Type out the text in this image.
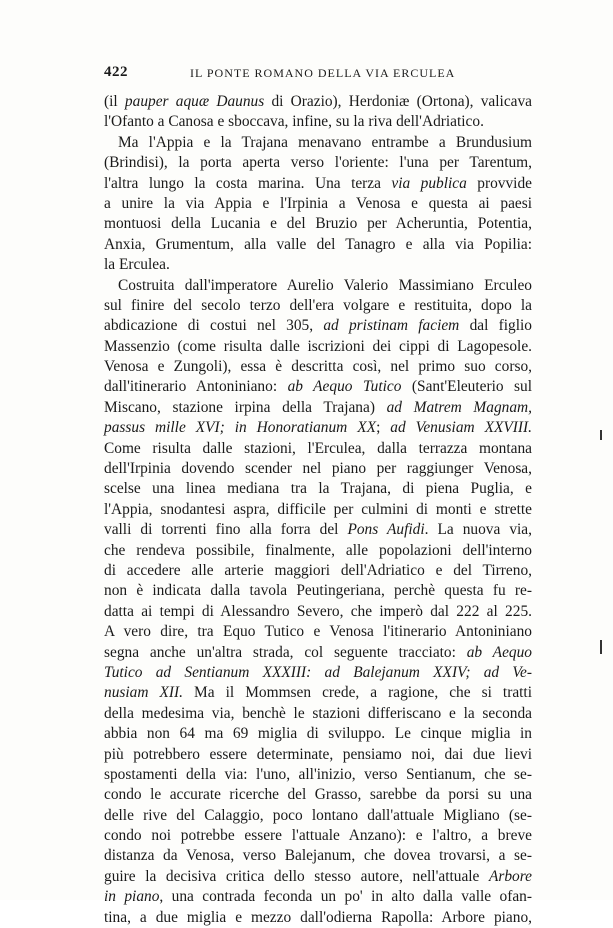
422	IL PONTE ROMANO DELLA VIA ERCULEA
(il pauper aquæ Daunus di Orazio), Herdoniæ (Ortona), valicava
l'Ofanto a Canosa e sboccava, infine, su la riva dell'Adriatico.
Ma l'Appia e la Trajana menavano entrambe a Brundusium
(Brindisi), la porta aperta verso l'oriente: l'una per Tarentum,
l'altra lungo la costa marina. Una terza via publica provvide
a unire la via Appia e l'Irpinia a Venosa e questa ai paesi
montuosi della Lucania e del Bruzio per Acheruntia, Potentia,
Anxia, Grumentum, alla valle del Tanagro e alla via Popilia:
la Erculea.
Costruita dall'imperatore Aurelio Valerio Massimiano Erculeo
sul finire del secolo terzo dell'era volgare e restituita, dopo la
abdicazione di costui nel 305, ad pristinam faciem dal figlio
Massenzio (come risulta dalle iscrizioni dei cippi di Lagopesole.
Venosa e Zungoli), essa è descritta così, nel primo suo corso,
dall'itinerario Antoniniano: ab Aequo Tutico (Sant'Eleuterio sul
Miscano, stazione irpina della Trajana) ad Matrem Magnam,
passus mille XVI; in Honoratianum XX; ad Venusiam XXVIII.
Come risulta dalle stazioni, l'Erculea, dalla terrazza montana
dell'Irpinia dovendo scender nel piano per raggiunger Venosa,
scelse una linea mediana tra la Trajana, di piena Puglia, e
l'Appia, snodantesi aspra, difficile per culmini di monti e strette
valli di torrenti fino alla forra del Pons Aufidi. La nuova via,
che rendeva possibile, finalmente, alle popolazioni dell'interno
di accedere alle arterie maggiori dell'Adriatico e del Tirreno,
non è indicata dalla tavola Peutingeriana, perchè questa fu re-
datta ai tempi di Alessandro Severo, che imperò dal 222 al 225.
A vero dire, tra Equo Tutico e Venosa l'itinerario Antoniniano
segna anche un'altra strada, col seguente tracciato: ab Aequo
Tutico ad Sentianum XXXIII: ad Balejanum XXIV; ad Ve-
nusiam XII. Ma il Mommsen crede, a ragione, che si tratti
della medesima via, benchè le stazioni differiscano e la seconda
abbia non 64 ma 69 miglia di sviluppo. Le cinque miglia in
più potrebbero essere determinate, pensiamo noi, dai due lievi
spostamenti della via: l'uno, all'inizio, verso Sentianum, che se-
condo le accurate ricerche del Grasso, sarebbe da porsi su una
delle rive del Calaggio, poco lontano dall'attuale Migliano (se-
condo noi potrebbe essere l'attuale Anzano): e l'altro, a breve
distanza da Venosa, verso Balejanum, che dovea trovarsi, a se-
guire la decisiva critica dello stesso autore, nell'attuale Arbore
in piano, una contrada feconda un po' in alto dalla valle ofan-
tina, a due miglia e mezzo dall'odierna Rapolla: Arbore piano,
